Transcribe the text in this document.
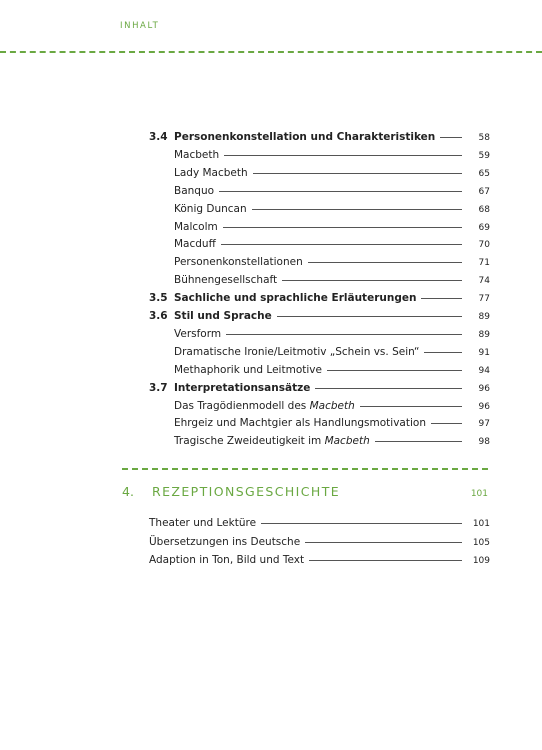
INHALT
3.4 Personenkonstellation und Charakteristiken	58
Macbeth	59
Lady Macbeth	65
Banquo	67
König Duncan	68
Malcolm	69
Macduff	70
Personenkonstellationen	71
Bühnengesellschaft	74
3.5 Sachliche und sprachliche Erläuterungen	77
3.6 Stil und Sprache	89
Versform	89
Dramatische Ironie/Leitmotiv „Schein vs. Sein“	91
Methaphorik und Leitmotive	94
3.7 Interpretationsansätze	96
Das Tragödienmodell des Macbeth	96
Ehrgeiz und Machtgier als Handlungsmotivation	97
Tragische Zweideutigkeit im Macbeth	98
4.	REZEPTIONSGESCHICHTE	101
Theater und Lektüre	101
Übersetzungen ins Deutsche	105
Adaption in Ton, Bild und Text	109
